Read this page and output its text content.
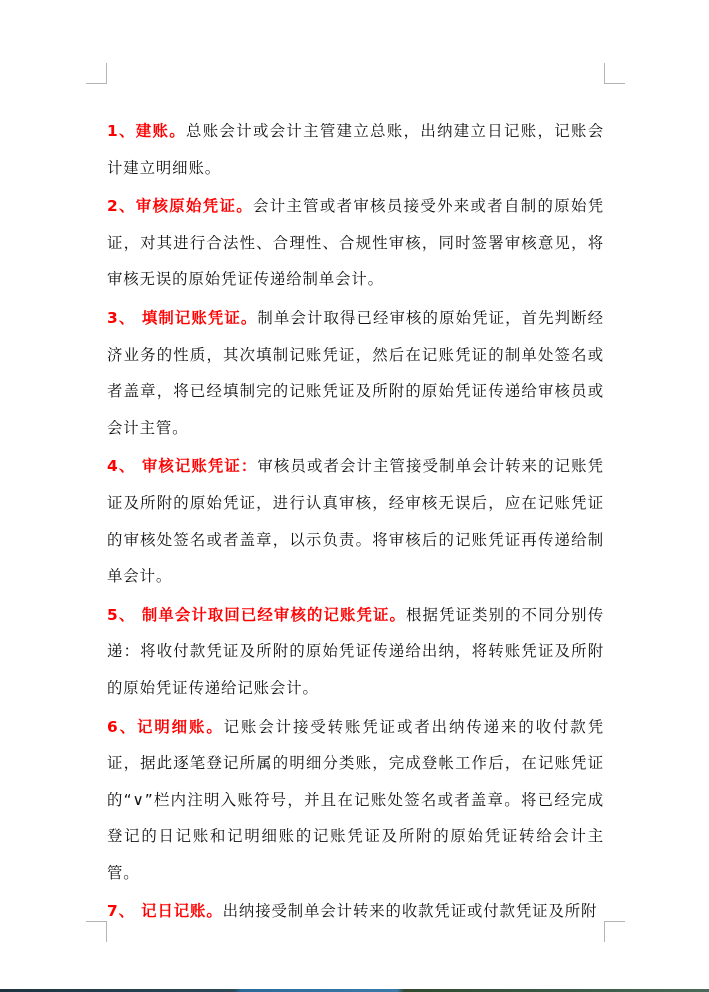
1、建账。总账会计或会计主管建立总账，出纳建立日记账，记账会计建立明细账。

2、审核原始凭证。会计主管或者审核员接受外来或者自制的原始凭证，对其进行合法性、合理性、合规性审核，同时签署审核意见，将审核无误的原始凭证传递给制单会计。

3、 填制记账凭证。制单会计取得已经审核的原始凭证，首先判断经济业务的性质，其次填制记账凭证，然后在记账凭证的制单处签名或者盖章，将已经填制完的记账凭证及所附的原始凭证传递给审核员或会计主管。

4、 审核记账凭证：审核员或者会计主管接受制单会计转来的记账凭证及所附的原始凭证，进行认真审核，经审核无误后，应在记账凭证的审核处签名或者盖章，以示负责。将审核后的记账凭证再传递给制单会计。

5、 制单会计取回已经审核的记账凭证。根据凭证类别的不同分别传递：将收付款凭证及所附的原始凭证传递给出纳，将转账凭证及所附的原始凭证传递给记账会计。

6、记明细账。记账会计接受转账凭证或者出纳传递来的收付款凭证，据此逐笔登记所属的明细分类账，完成登帐工作后，在记账凭证的“∨”栏内注明入账符号，并且在记账处签名或者盖章。将已经完成登记的日记账和记明细账的记账凭证及所附的原始凭证转给会计主管。

7、 记日记账。出纳接受制单会计转来的收款凭证或付款凭证及所附
